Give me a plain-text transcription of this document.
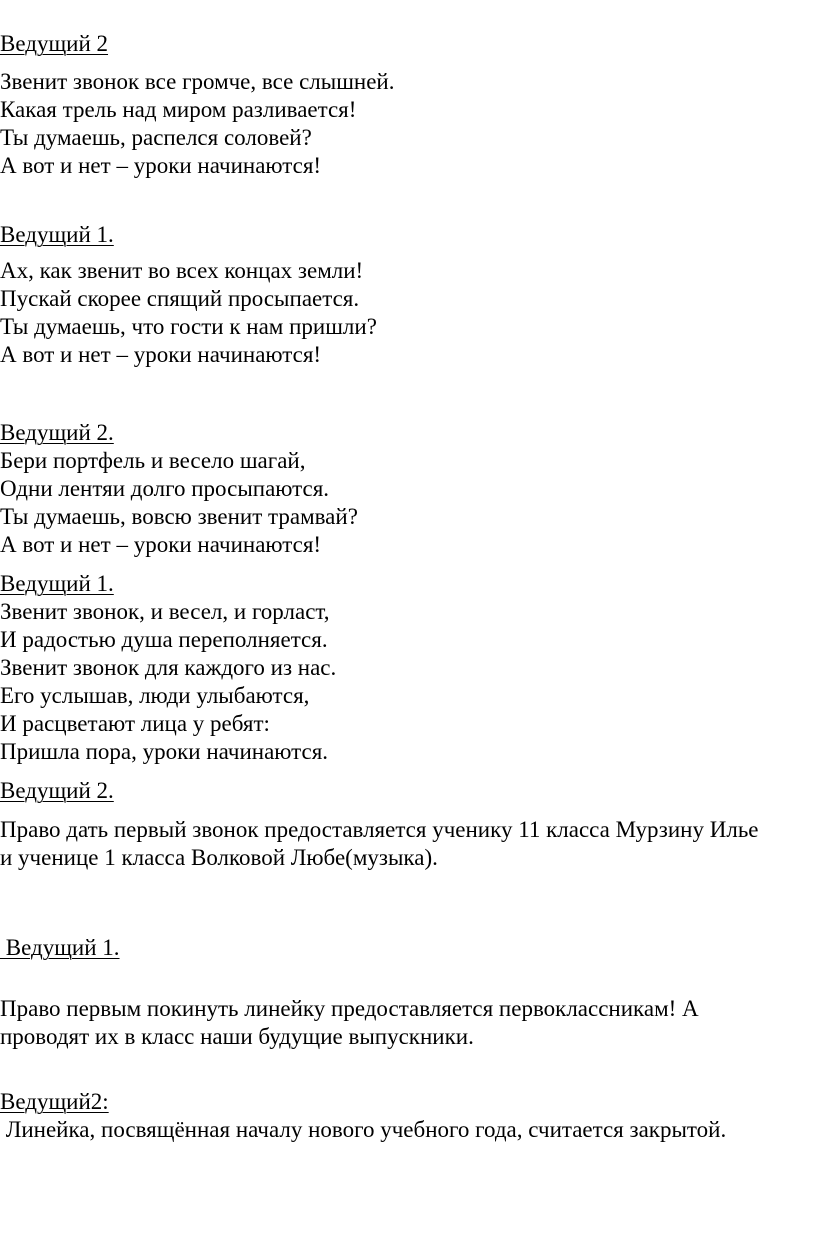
Ведущий 2
Звенит звонок все громче, все слышней.
Какая трель над миром разливается!
Ты думаешь, распелся соловей?
А вот и нет – уроки начинаются!
Ведущий 1.
Ах, как звенит во всех концах земли!
Пускай скорее спящий просыпается.
Ты думаешь, что гости к нам пришли?
А вот и нет – уроки начинаются!
Ведущий 2.
Бери портфель и весело шагай,
Одни лентяи долго просыпаются.
Ты думаешь, вовсю звенит трамвай?
А вот и нет – уроки начинаются!
Ведущий 1.
Звенит звонок, и весел, и горласт,
И радостью душа переполняется.
Звенит звонок для каждого из нас.
Его услышав, люди улыбаются,
И расцветают лица у ребят:
Пришла пора, уроки начинаются.
Ведущий 2.
Право дать первый звонок предоставляется ученику 11 класса Мурзину Илье
и ученице 1 класса Волковой Любе(музыка).
Ведущий 1.
Право первым покинуть линейку предоставляется первоклассникам! А
проводят их в класс наши будущие выпускники.
Ведущий2:
Линейка, посвящённая началу нового учебного года, считается закрытой.
